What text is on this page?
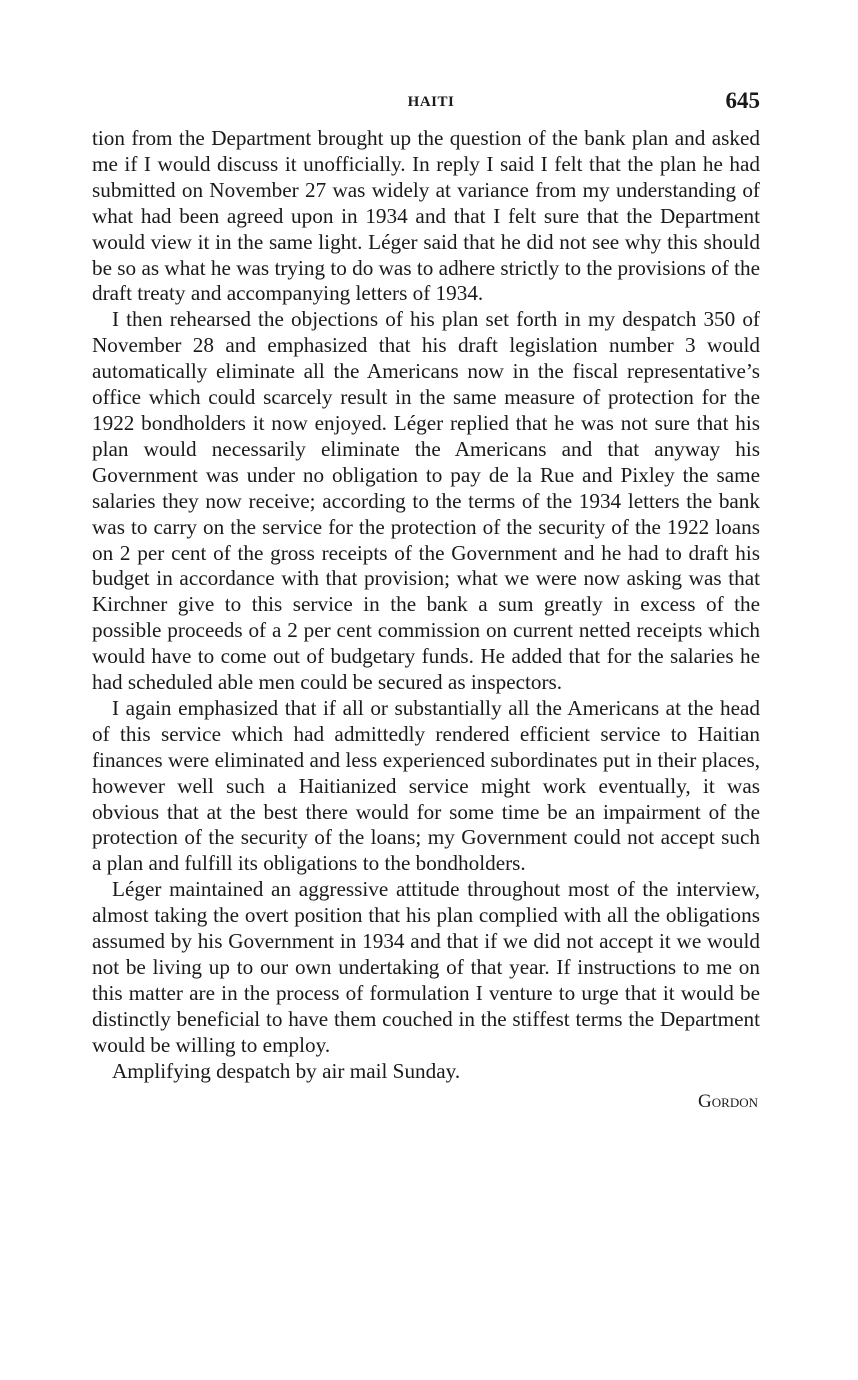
HAITI	645

tion from the Department brought up the question of the bank plan and asked me if I would discuss it unofficially. In reply I said I felt that the plan he had submitted on November 27 was widely at variance from my understanding of what had been agreed upon in 1934 and that I felt sure that the Department would view it in the same light. Léger said that he did not see why this should be so as what he was trying to do was to adhere strictly to the provisions of the draft treaty and accompanying letters of 1934.

I then rehearsed the objections of his plan set forth in my despatch 350 of November 28 and emphasized that his draft legislation number 3 would automatically eliminate all the Americans now in the fiscal representative’s office which could scarcely result in the same measure of protection for the 1922 bondholders it now enjoyed. Léger replied that he was not sure that his plan would necessarily eliminate the Americans and that anyway his Government was under no obligation to pay de la Rue and Pixley the same salaries they now receive; according to the terms of the 1934 letters the bank was to carry on the service for the protection of the security of the 1922 loans on 2 per cent of the gross receipts of the Government and he had to draft his budget in accordance with that provision; what we were now asking was that Kirchner give to this service in the bank a sum greatly in excess of the possible proceeds of a 2 per cent commission on current netted receipts which would have to come out of budgetary funds. He added that for the salaries he had scheduled able men could be secured as inspectors.

I again emphasized that if all or substantially all the Americans at the head of this service which had admittedly rendered efficient service to Haitian finances were eliminated and less experienced subordinates put in their places, however well such a Haitianized service might work eventually, it was obvious that at the best there would for some time be an impairment of the protection of the security of the loans; my Government could not accept such a plan and fulfill its obligations to the bondholders.

Léger maintained an aggressive attitude throughout most of the interview, almost taking the overt position that his plan complied with all the obligations assumed by his Government in 1934 and that if we did not accept it we would not be living up to our own undertaking of that year. If instructions to me on this matter are in the process of formulation I venture to urge that it would be distinctly beneficial to have them couched in the stiffest terms the Department would be willing to employ.

Amplifying despatch by air mail Sunday.

Gordon
